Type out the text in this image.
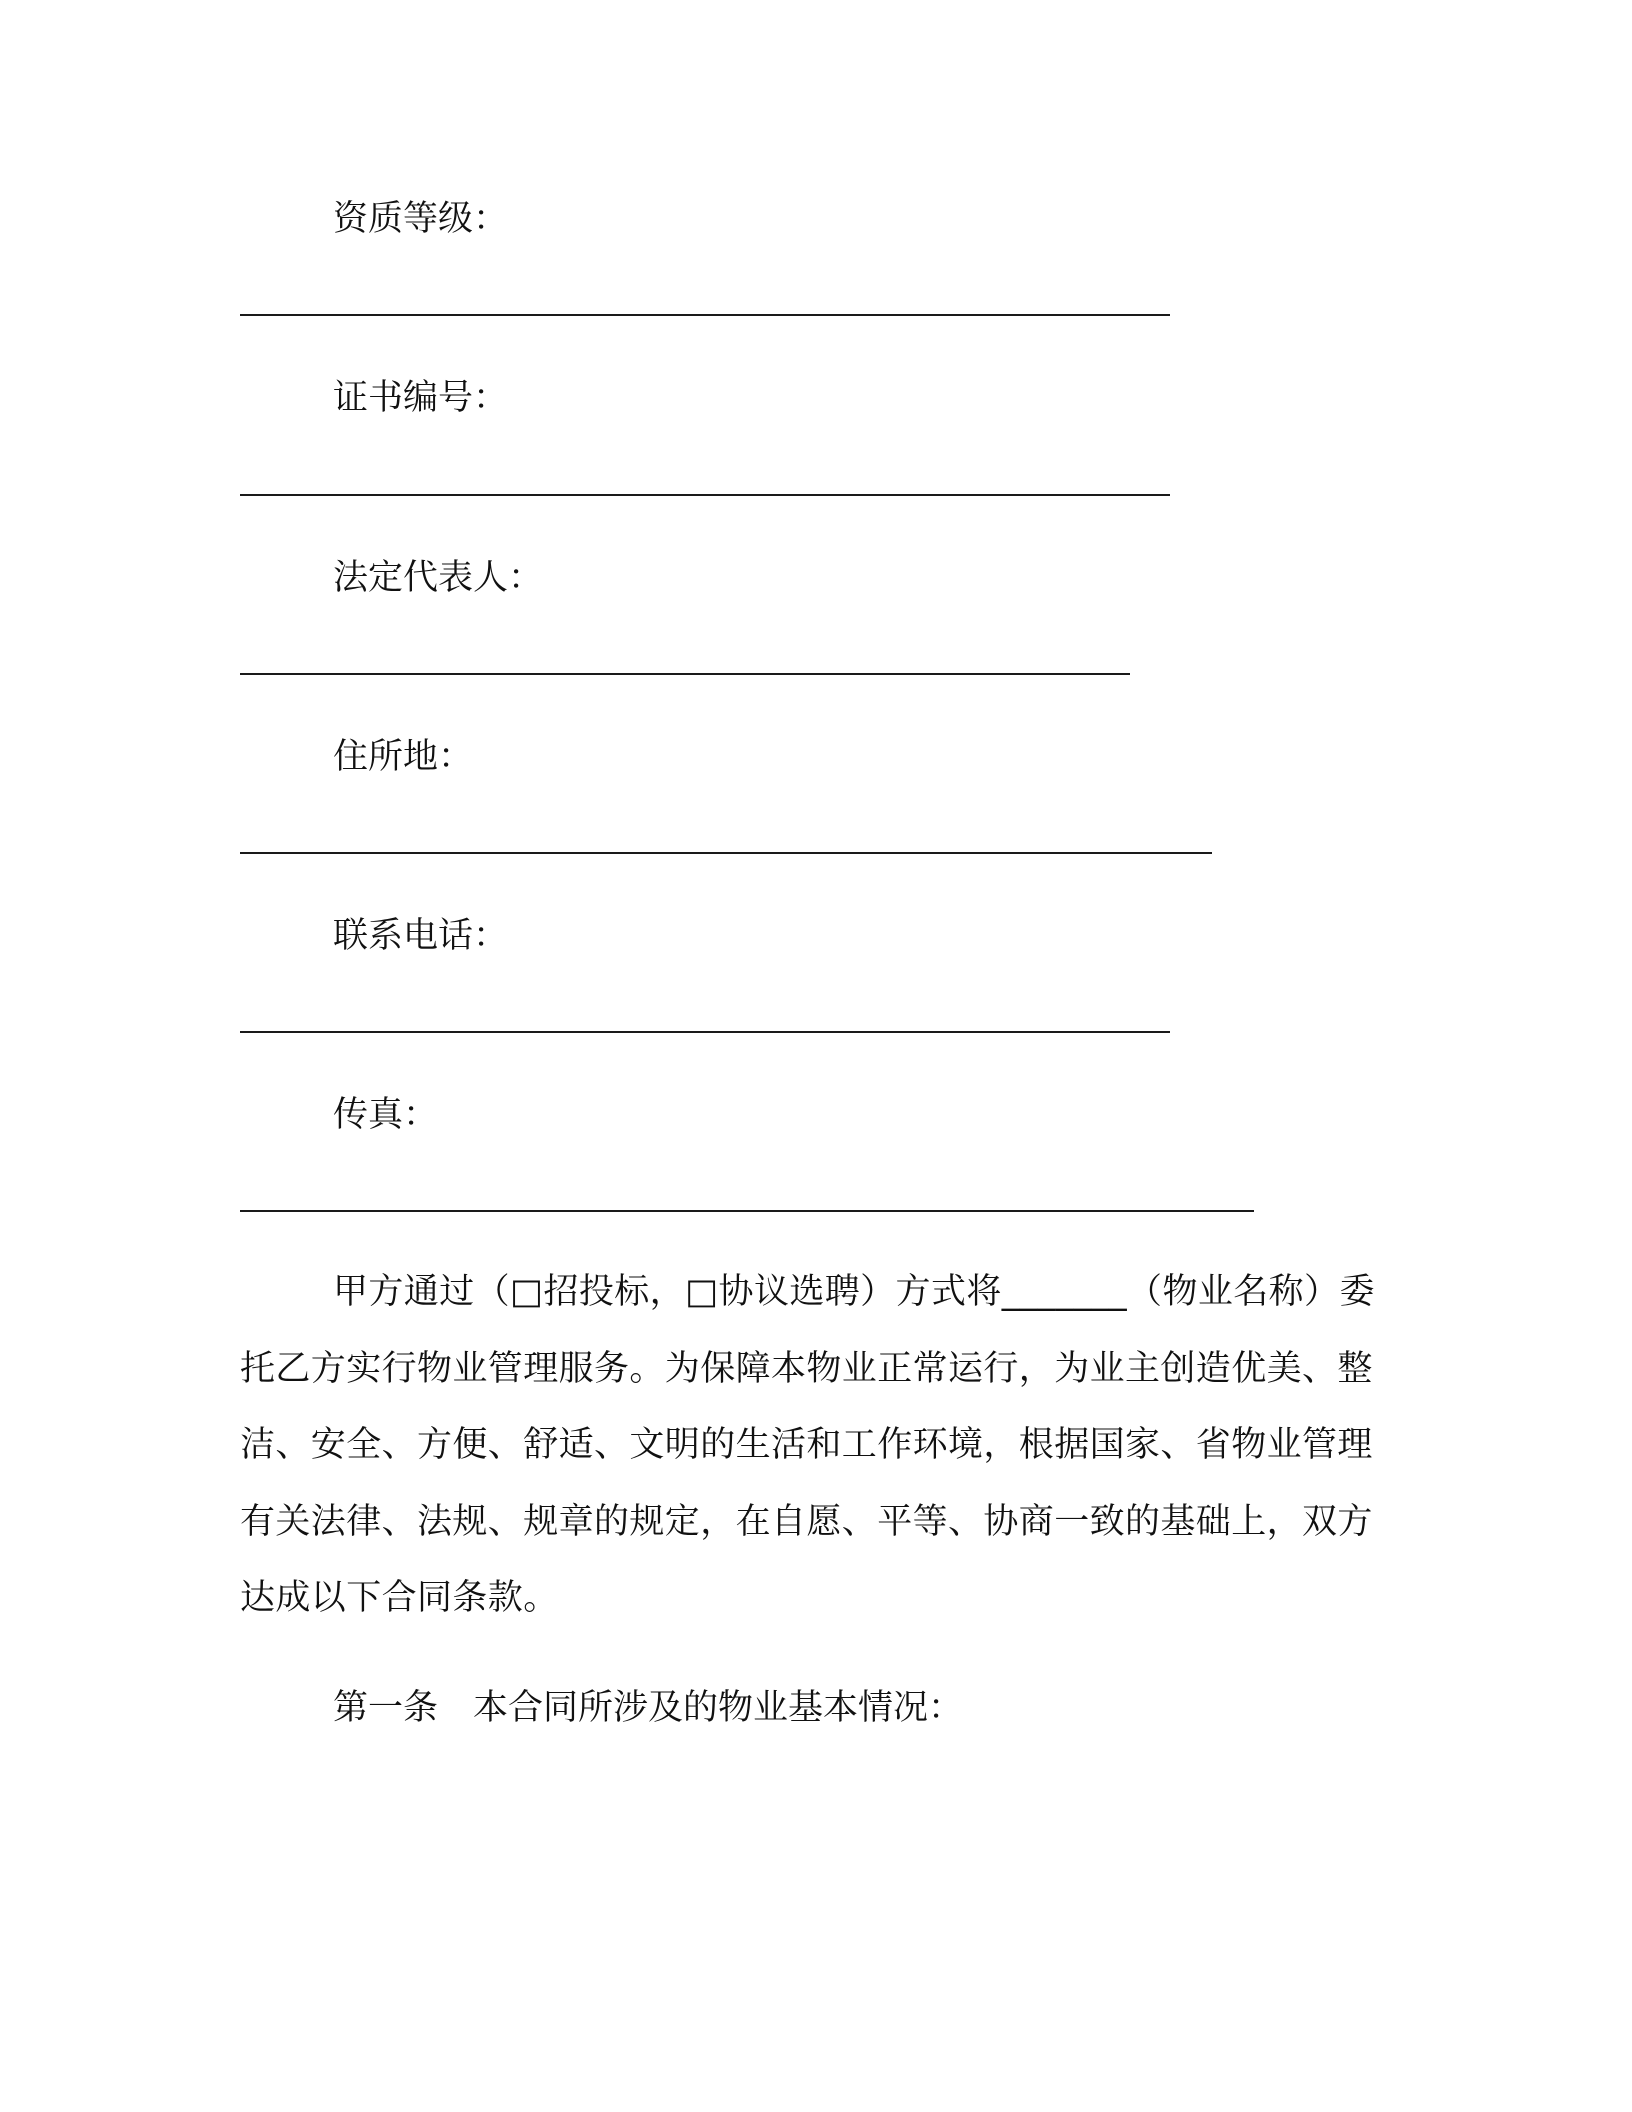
资质等级：
证书编号：
法定代表人：
住所地：
联系电话：
传真：
甲方通过（□招投标，□协议选聘）方式将_______（物业名称）委托乙方实行物业管理服务。为保障本物业正常运行，为业主创造优美、整洁、安全、方便、舒适、文明的生活和工作环境，根据国家、省物业管理有关法律、法规、规章的规定，在自愿、平等、协商一致的基础上，双方达成以下合同条款。
第一条　本合同所涉及的物业基本情况：
